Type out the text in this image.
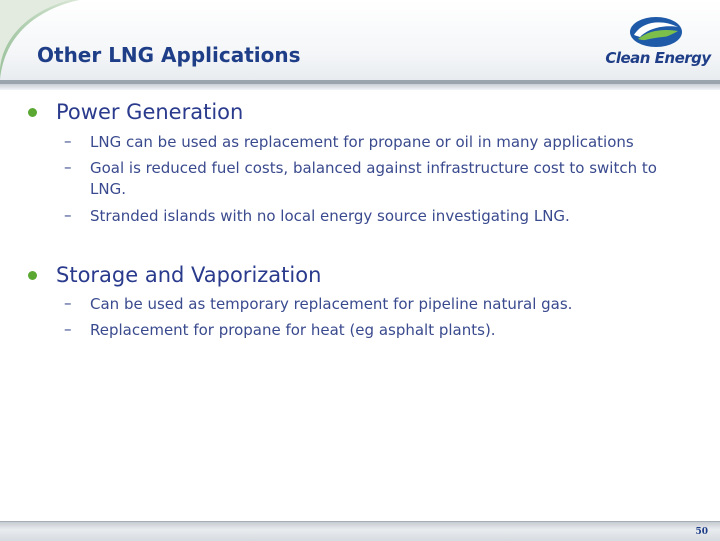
Other LNG Applications	Clean Energy
Power Generation
–	LNG can be used as replacement for propane or oil in many applications
–	Goal is reduced fuel costs, balanced against infrastructure cost to switch to LNG.
–	Stranded islands with no local energy source investigating LNG.
Storage and Vaporization
–	Can be used as temporary replacement for pipeline natural gas.
–	Replacement for propane for heat (eg asphalt plants).
50
